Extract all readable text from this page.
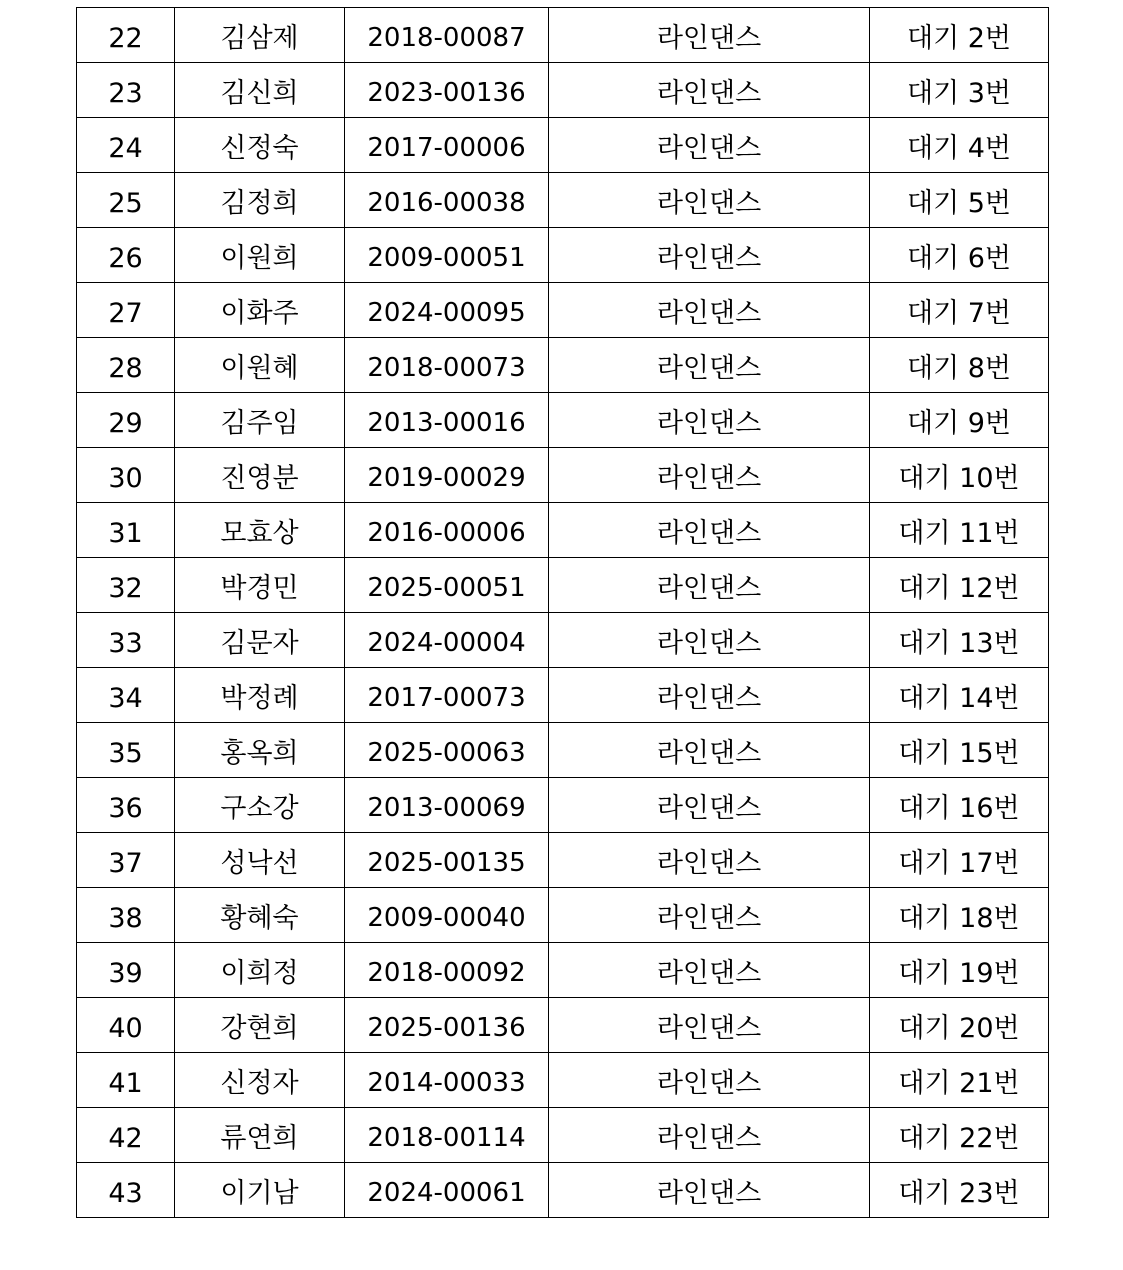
22	김삼제	2018-00087	라인댄스	대기 2번
23	김신희	2023-00136	라인댄스	대기 3번
24	신정숙	2017-00006	라인댄스	대기 4번
25	김정희	2016-00038	라인댄스	대기 5번
26	이원희	2009-00051	라인댄스	대기 6번
27	이화주	2024-00095	라인댄스	대기 7번
28	이원혜	2018-00073	라인댄스	대기 8번
29	김주임	2013-00016	라인댄스	대기 9번
30	진영분	2019-00029	라인댄스	대기 10번
31	모효상	2016-00006	라인댄스	대기 11번
32	박경민	2025-00051	라인댄스	대기 12번
33	김문자	2024-00004	라인댄스	대기 13번
34	박정례	2017-00073	라인댄스	대기 14번
35	홍옥희	2025-00063	라인댄스	대기 15번
36	구소강	2013-00069	라인댄스	대기 16번
37	성낙선	2025-00135	라인댄스	대기 17번
38	황혜숙	2009-00040	라인댄스	대기 18번
39	이희정	2018-00092	라인댄스	대기 19번
40	강현희	2025-00136	라인댄스	대기 20번
41	신정자	2014-00033	라인댄스	대기 21번
42	류연희	2018-00114	라인댄스	대기 22번
43	이기남	2024-00061	라인댄스	대기 23번
